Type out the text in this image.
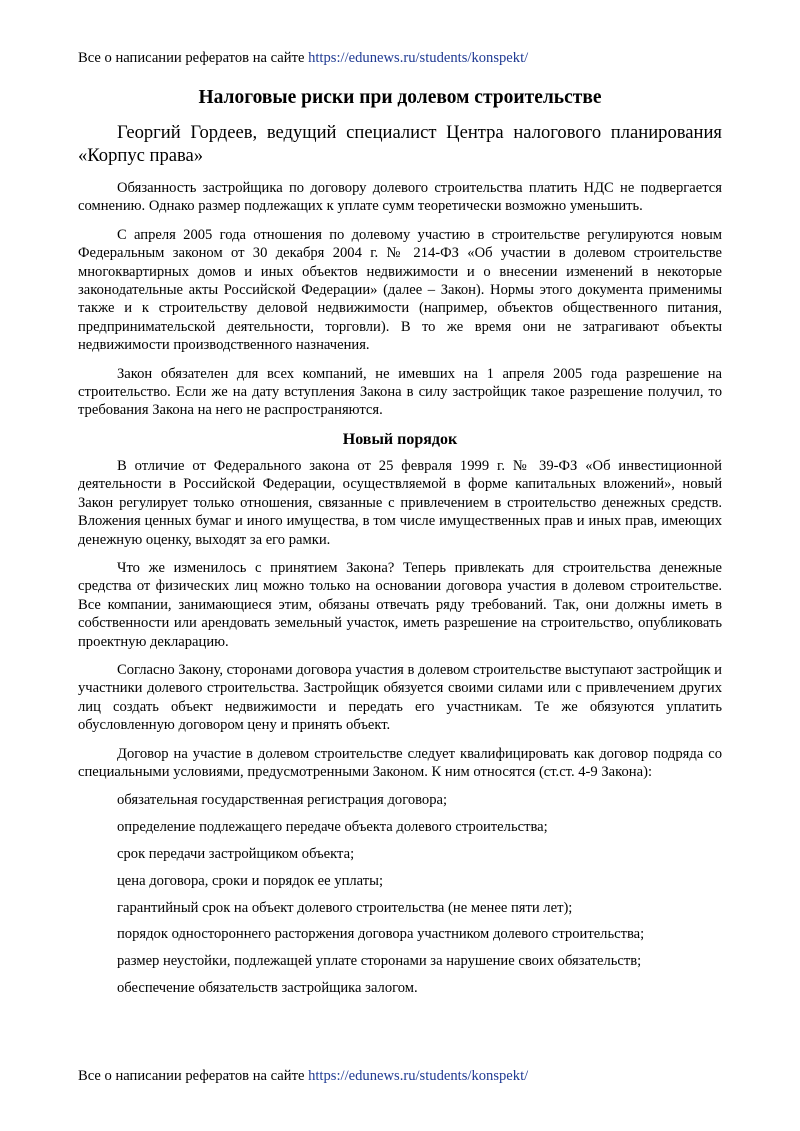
Все о написании рефератов на сайте https://edunews.ru/students/konspekt/
Налоговые риски при долевом строительстве

Георгий Гордеев, ведущий специалист Центра налогового планирования «Корпус права»

Обязанность застройщика по договору долевого строительства платить НДС не подвергается сомнению. Однако размер подлежащих к уплате сумм теоретически возможно уменьшить.

С апреля 2005 года отношения по долевому участию в строительстве регулируются новым Федеральным законом от 30 декабря 2004 г. № 214-ФЗ «Об участии в долевом строительстве многоквартирных домов и иных объектов недвижимости и о внесении изменений в некоторые законодательные акты Российской Федерации» (далее – Закон). Нормы этого документа применимы также и к строительству деловой недвижимости (например, объектов общественного питания, предпринимательской деятельности, торговли). В то же время они не затрагивают объекты недвижимости производственного назначения.

Закон обязателен для всех компаний, не имевших на 1 апреля 2005 года разрешение на строительство. Если же на дату вступления Закона в силу застройщик такое разрешение получил, то требования Закона на него не распространяются.

Новый порядок

В отличие от Федерального закона от 25 февраля 1999 г. № 39-ФЗ «Об инвестиционной деятельности в Российской Федерации, осуществляемой в форме капитальных вложений», новый Закон регулирует только отношения, связанные с привлечением в строительство денежных средств. Вложения ценных бумаг и иного имущества, в том числе имущественных прав и иных прав, имеющих денежную оценку, выходят за его рамки.

Что же изменилось с принятием Закона? Теперь привлекать для строительства денежные средства от физических лиц можно только на основании договора участия в долевом строительстве. Все компании, занимающиеся этим, обязаны отвечать ряду требований. Так, они должны иметь в собственности или арендовать земельный участок, иметь разрешение на строительство, опубликовать проектную декларацию.

Согласно Закону, сторонами договора участия в долевом строительстве выступают застройщик и участники долевого строительства. Застройщик обязуется своими силами или с привлечением других лиц создать объект недвижимости и передать его участникам. Те же обязуются уплатить обусловленную договором цену и принять объект.

Договор на участие в долевом строительстве следует квалифицировать как договор подряда со специальными условиями, предусмотренными Законом. К ним относятся (ст.ст. 4-9 Закона):

обязательная государственная регистрация договора;
определение подлежащего передаче объекта долевого строительства;
срок передачи застройщиком объекта;
цена договора, сроки и порядок ее уплаты;
гарантийный срок на объект долевого строительства (не менее пяти лет);
порядок одностороннего расторжения договора участником долевого строительства;
размер неустойки, подлежащей уплате сторонами за нарушение своих обязательств;
обеспечение обязательств застройщика залогом.
Все о написании рефератов на сайте https://edunews.ru/students/konspekt/
